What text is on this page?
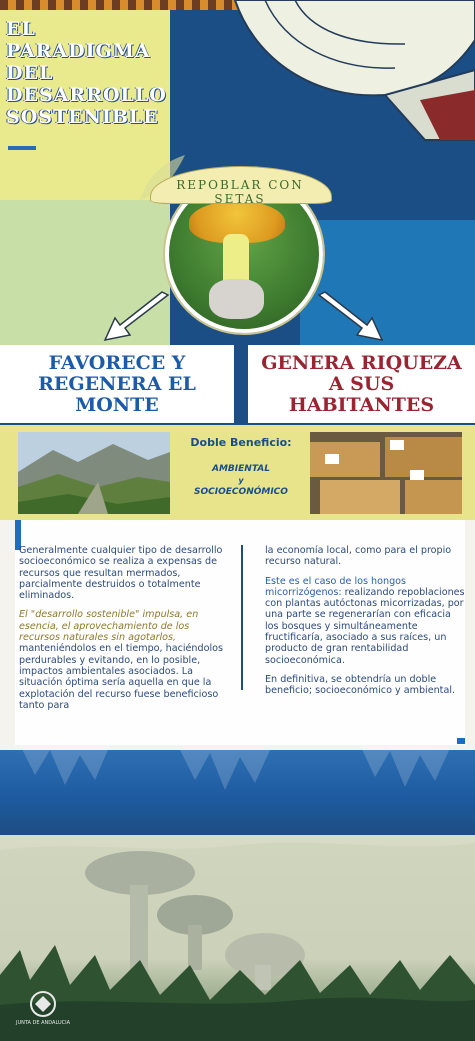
EL
PARADIGMA
DEL
DESARROLLO
SOSTENIBLE
REPOBLAR CON SETAS
FAVORECE Y
REGENERA EL
MONTE
GENERA RIQUEZA
A SUS
HABITANTES
Doble Beneficio:
AMBIENTAL
y
SOCIOECONÓMICO

Generalmente cualquier tipo de desarrollo socioeconómico se realiza a expensas de recursos que resultan mermados, parcialmente destruidos o totalmente eliminados.

El "desarrollo sostenible" impulsa, en esencia, el aprovechamiento de los recursos naturales sin agotarlos, manteniéndolos en el tiempo, haciéndolos perdurables y evitando, en lo posible, impactos ambientales asociados. La situación óptima sería aquella en que la explotación del recurso fuese beneficioso tanto para

la economía local, como para el propio recurso natural.

Este es el caso de los hongos micorrizógenos: realizando repoblaciones con plantas autóctonas micorrizadas, por una parte se regenerarían con eficacia los bosques y simultáneamente fructificaría, asociado a sus raíces, un producto de gran rentabilidad socioeconómica.

En definitiva, se obtendría un doble beneficio; socioeconómico y ambiental.

JUNTA DE ANDALUCIA
